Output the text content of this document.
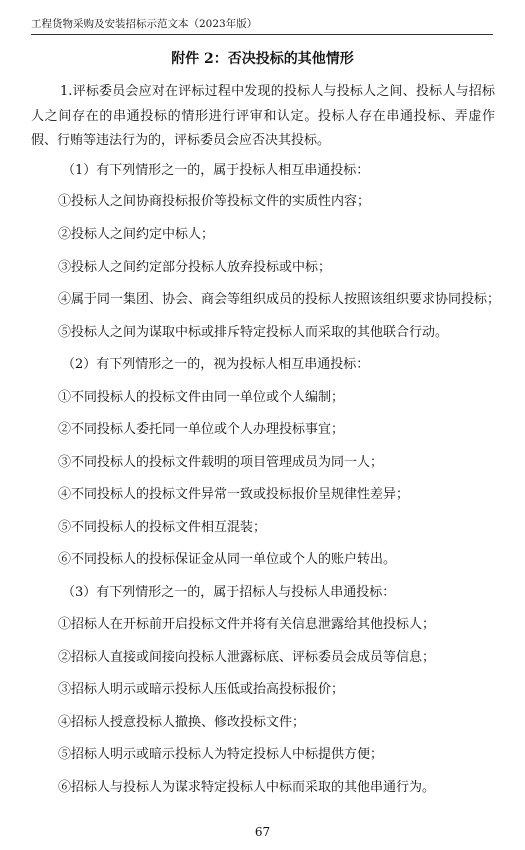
工程货物采购及安装招标示范文本（2023年版）
附件 2：否决投标的其他情形

1.评标委员会应对在评标过程中发现的投标人与投标人之间、投标人与招标人之间存在的串通投标的情形进行评审和认定。投标人存在串通投标、弄虚作假、行贿等违法行为的，评标委员会应否决其投标。

（1）有下列情形之一的，属于投标人相互串通投标：

①投标人之间协商投标报价等投标文件的实质性内容；

②投标人之间约定中标人；

③投标人之间约定部分投标人放弃投标或中标；

④属于同一集团、协会、商会等组织成员的投标人按照该组织要求协同投标；

⑤投标人之间为谋取中标或排斥特定投标人而采取的其他联合行动。

（2）有下列情形之一的，视为投标人相互串通投标：

①不同投标人的投标文件由同一单位或个人编制；

②不同投标人委托同一单位或个人办理投标事宜；

③不同投标人的投标文件载明的项目管理成员为同一人；

④不同投标人的投标文件异常一致或投标报价呈规律性差异；

⑤不同投标人的投标文件相互混装；

⑥不同投标人的投标保证金从同一单位或个人的账户转出。

（3）有下列情形之一的，属于招标人与投标人串通投标：

①招标人在开标前开启投标文件并将有关信息泄露给其他投标人；

②招标人直接或间接向投标人泄露标底、评标委员会成员等信息；

③招标人明示或暗示投标人压低或抬高投标报价；

④招标人授意投标人撤换、修改投标文件；

⑤招标人明示或暗示投标人为特定投标人中标提供方便；

⑥招标人与投标人为谋求特定投标人中标而采取的其他串通行为。

67
